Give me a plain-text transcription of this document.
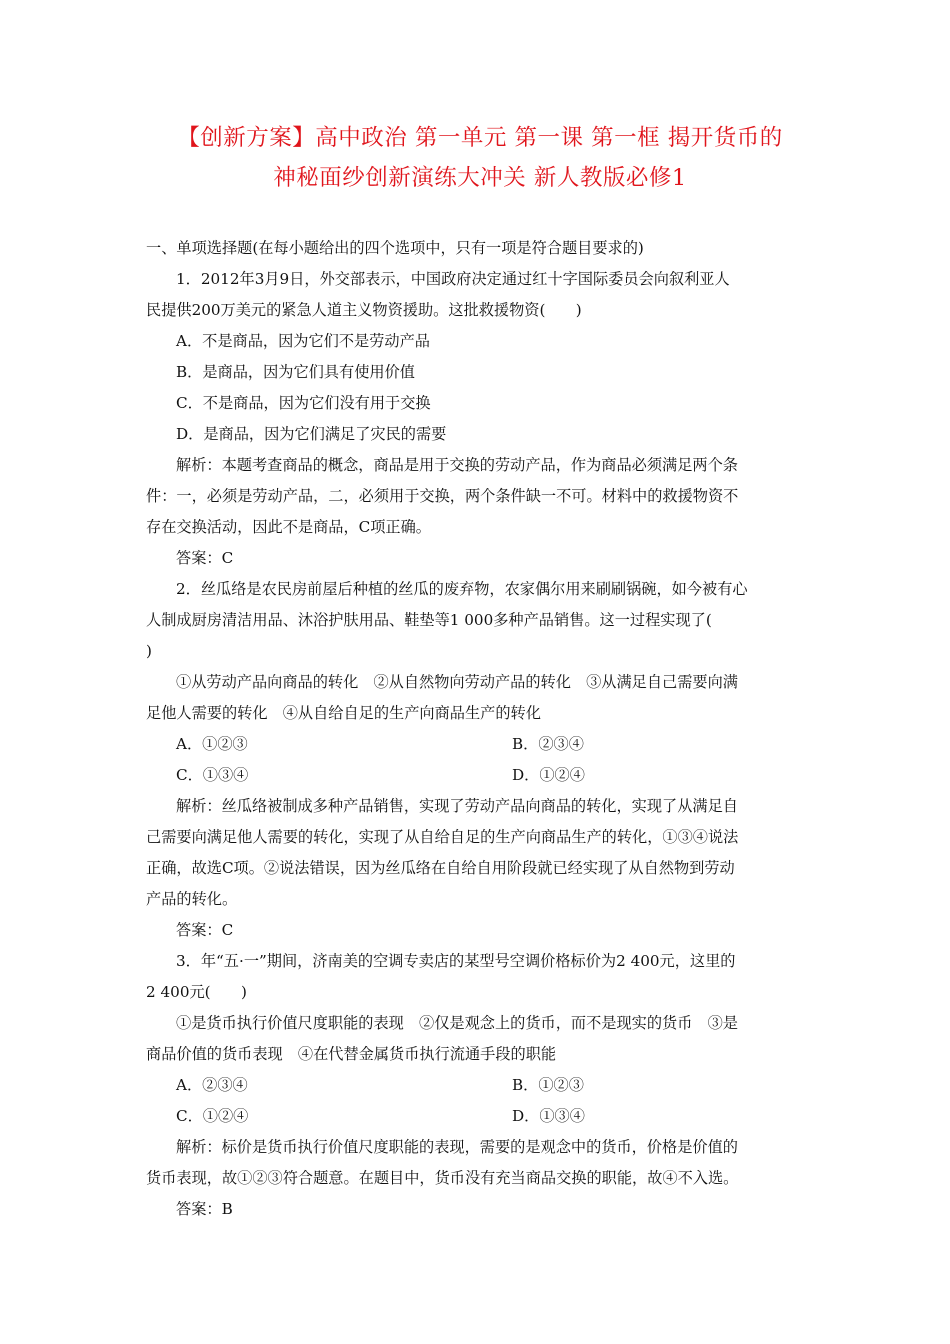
【创新方案】高中政治 第一单元 第一课 第一框 揭开货币的
神秘面纱创新演练大冲关 新人教版必修1
一、单项选择题(在每小题给出的四个选项中，只有一项是符合题目要求的)
1．2012年3月9日，外交部表示，中国政府决定通过红十字国际委员会向叙利亚人
民提供200万美元的紧急人道主义物资援助。这批救援物资(　　)
A．不是商品，因为它们不是劳动产品
B．是商品，因为它们具有使用价值
C．不是商品，因为它们没有用于交换
D．是商品，因为它们满足了灾民的需要
解析：本题考查商品的概念，商品是用于交换的劳动产品，作为商品必须满足两个条
件：一，必须是劳动产品，二，必须用于交换，两个条件缺一不可。材料中的救援物资不
存在交换活动，因此不是商品，C项正确。
答案：C
2．丝瓜络是农民房前屋后种植的丝瓜的废弃物，农家偶尔用来刷刷锅碗，如今被有心
人制成厨房清洁用品、沐浴护肤用品、鞋垫等1 000多种产品销售。这一过程实现了(
)
①从劳动产品向商品的转化　②从自然物向劳动产品的转化　③从满足自己需要向满
足他人需要的转化　④从自给自足的生产向商品生产的转化
A．①②③	B．②③④
C．①③④	D．①②④
解析：丝瓜络被制成多种产品销售，实现了劳动产品向商品的转化，实现了从满足自
己需要向满足他人需要的转化，实现了从自给自足的生产向商品生产的转化，①③④说法
正确，故选C项。②说法错误，因为丝瓜络在自给自用阶段就已经实现了从自然物到劳动
产品的转化。
答案：C
3．年“五·一”期间，济南美的空调专卖店的某型号空调价格标价为2 400元，这里的
2 400元(　　)
①是货币执行价值尺度职能的表现　②仅是观念上的货币，而不是现实的货币　③是
商品价值的货币表现　④在代替金属货币执行流通手段的职能
A．②③④	B．①②③
C．①②④	D．①③④
解析：标价是货币执行价值尺度职能的表现，需要的是观念中的货币，价格是价值的
货币表现，故①②③符合题意。在题目中，货币没有充当商品交换的职能，故④不入选。
答案：B
